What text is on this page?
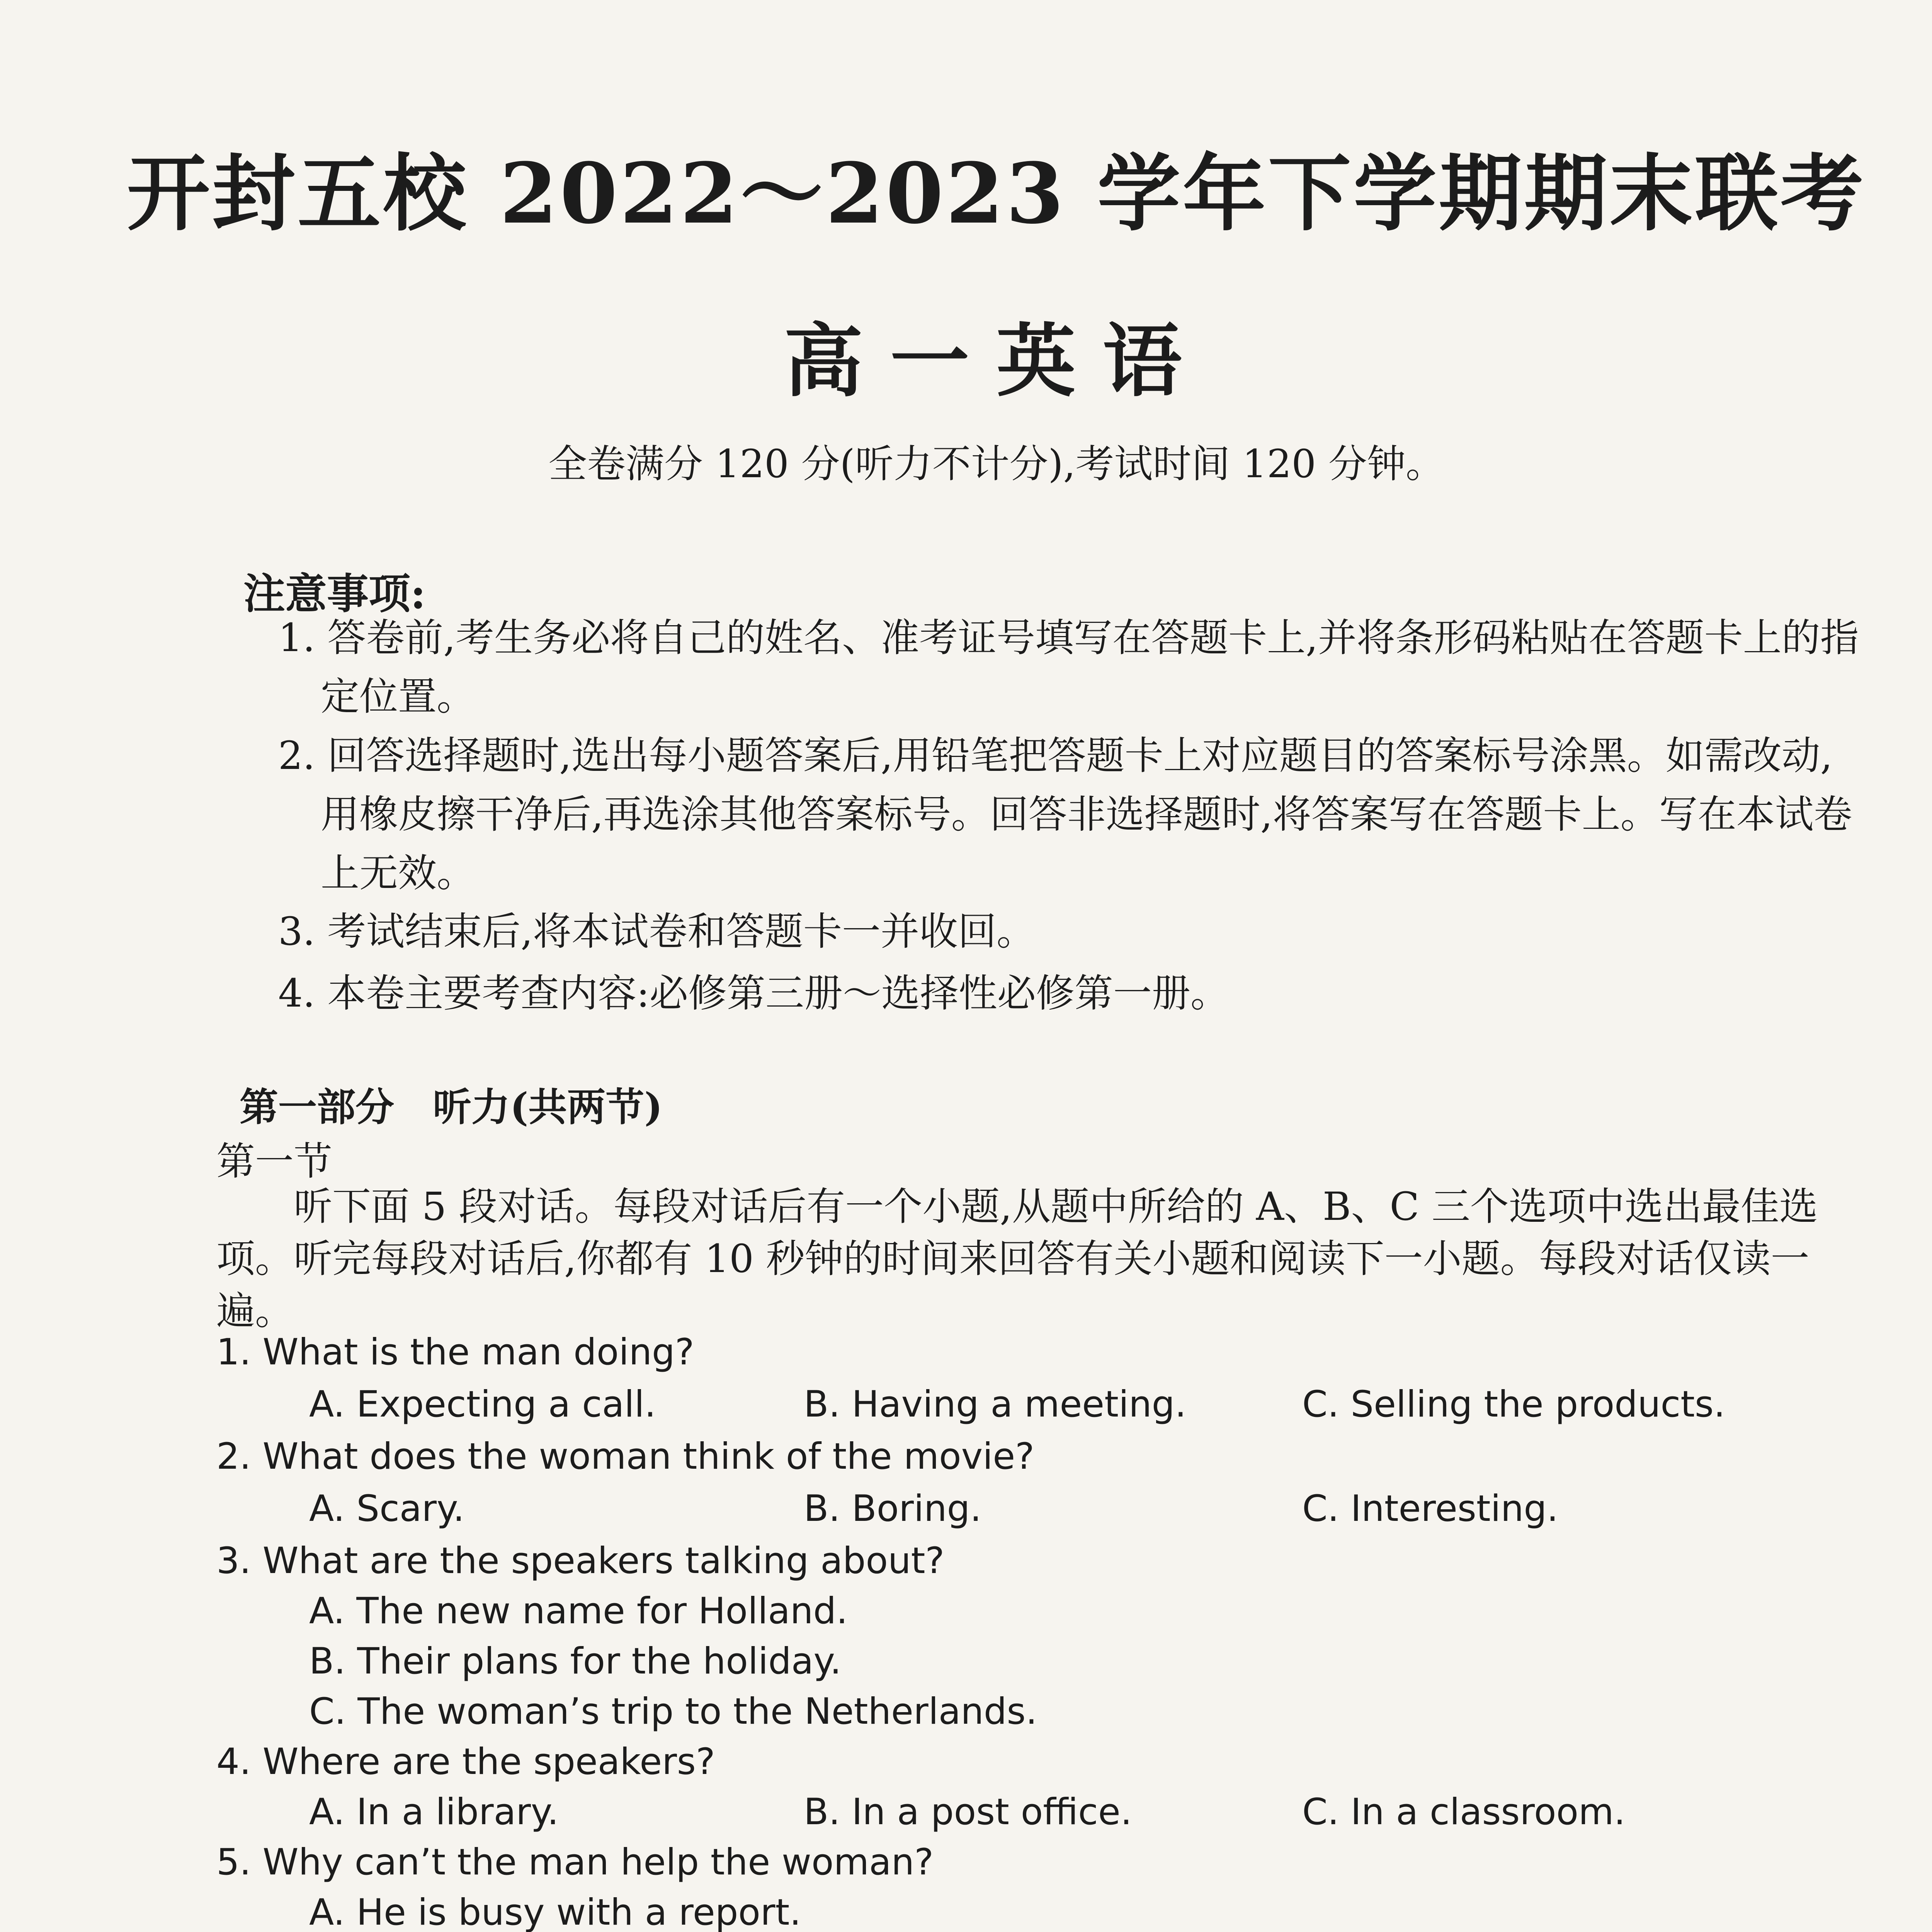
开封五校 2022～2023 学年下学期期末联考
高一英语
全卷满分 120 分(听力不计分),考试时间 120 分钟。
注意事项:
1. 答卷前,考生务必将自己的姓名、准考证号填写在答题卡上,并将条形码粘贴在答题卡上的指定位置。
2. 回答选择题时,选出每小题答案后,用铅笔把答题卡上对应题目的答案标号涂黑。如需改动,用橡皮擦干净后,再选涂其他答案标号。回答非选择题时,将答案写在答题卡上。写在本试卷上无效。
3. 考试结束后,将本试卷和答题卡一并收回。
4. 本卷主要考查内容:必修第三册～选择性必修第一册。
第一部分　听力(共两节)
第一节
听下面 5 段对话。每段对话后有一个小题,从题中所给的 A、B、C 三个选项中选出最佳选项。听完每段对话后,你都有 10 秒钟的时间来回答有关小题和阅读下一小题。每段对话仅读一遍。
1. What is the man doing?
A. Expecting a call.	B. Having a meeting.	C. Selling the products.
2. What does the woman think of the movie?
A. Scary.	B. Boring.	C. Interesting.
3. What are the speakers talking about?
A. The new name for Holland.
B. Their plans for the holiday.
C. The woman’s trip to the Netherlands.
4. Where are the speakers?
A. In a library.	B. In a post office.	C. In a classroom.
5. Why can’t the man help the woman?
A. He is busy with a report.
